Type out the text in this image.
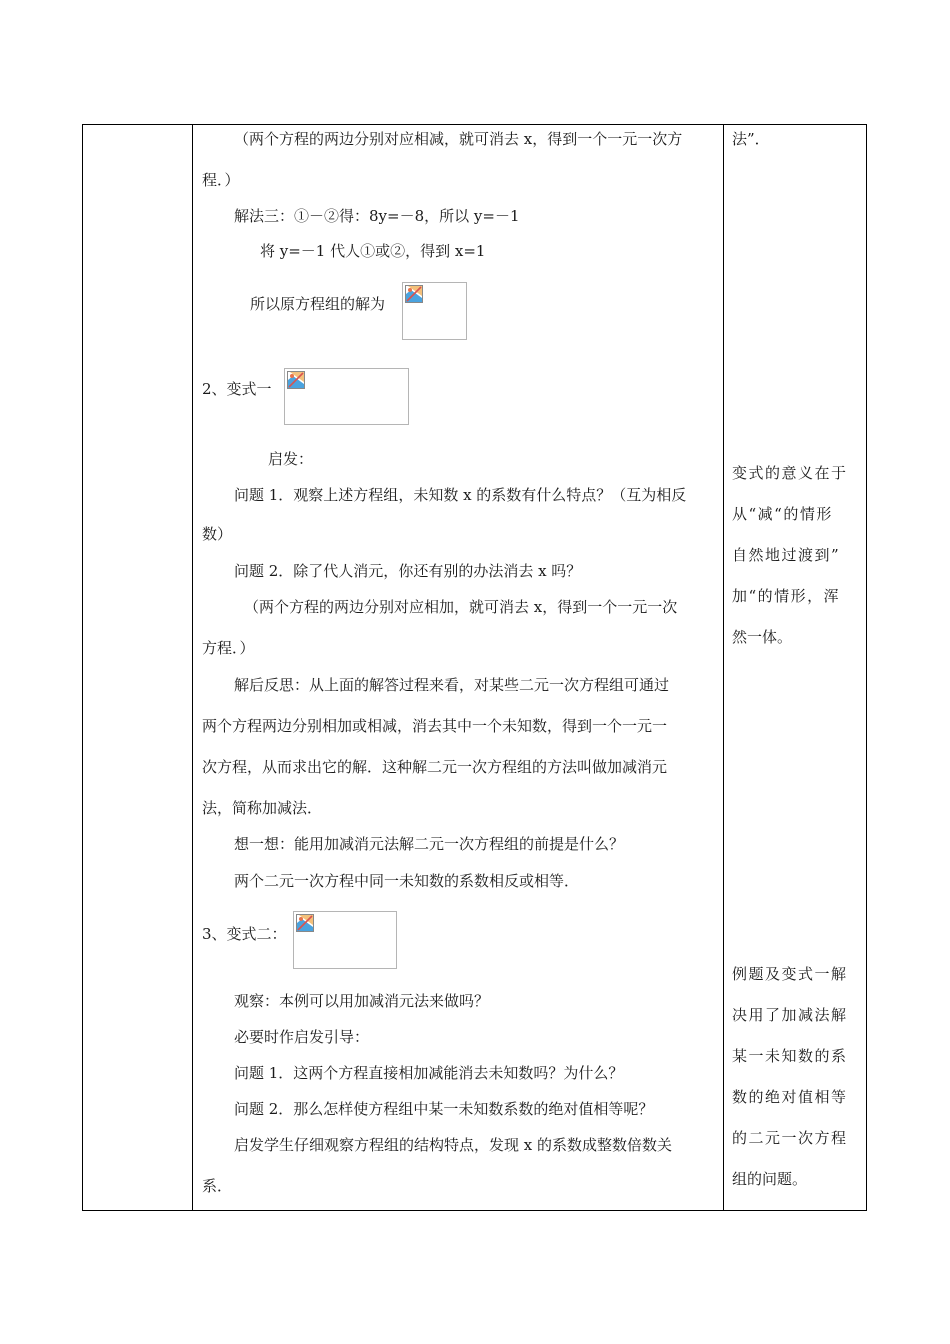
（两个方程的两边分别对应相减，就可消去 x，得到一个一元一次方
程．）
解法三：①－②得：8y=－8，所以 y=－1
将 y=－1 代人①或②，得到 x=1
所以原方程组的解为
2、变式一
启发：
问题 1．观察上述方程组，未知数 x 的系数有什么特点？（互为相反
数）
问题 2．除了代人消元，你还有别的办法消去 x 吗？
（两个方程的两边分别对应相加，就可消去 x，得到一个一元一次
方程．）
解后反思：从上面的解答过程来看，对某些二元一次方程组可通过
两个方程两边分别相加或相减，消去其中一个未知数，得到一个一元一
次方程，从而求出它的解．这种解二元一次方程组的方法叫做加减消元
法，简称加减法．
想一想：能用加减消元法解二元一次方程组的前提是什么？
两个二元一次方程中同一未知数的系数相反或相等．
3、变式二：
观察：本例可以用加减消元法来做吗？
必要时作启发引导：
问题 1．这两个方程直接相加减能消去未知数吗？为什么？
问题 2．那么怎样使方程组中某一未知数系数的绝对值相等呢？
启发学生仔细观察方程组的结构特点，发现 x 的系数成整数倍数关
系．
法”．
变式的意义在于
从“减“的情形
自然地过渡到”
加“的情形，浑
然一体。
例题及变式一解
决用了加减法解
某一未知数的系
数的绝对值相等
的二元一次方程
组的问题。
